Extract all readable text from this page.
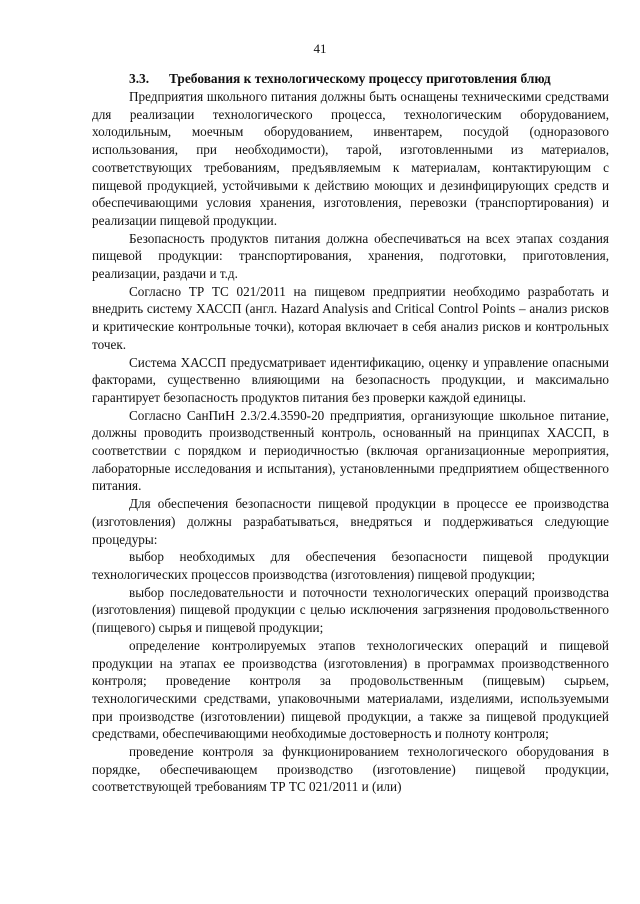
41
3.3. Требования к технологическому процессу приготовления блюд

Предприятия школьного питания должны быть оснащены техническими средствами для реализации технологического процесса, технологическим оборудованием, холодильным, моечным оборудованием, инвентарем, посудой (одноразового использования, при необходимости), тарой, изготовленными из материалов, соответствующих требованиям, предъявляемым к материалам, контактирующим с пищевой продукцией, устойчивыми к действию моющих и дезинфицирующих средств и обеспечивающими условия хранения, изготовления, перевозки (транспортирования) и реализации пищевой продукции.

Безопасность продуктов питания должна обеспечиваться на всех этапах создания пищевой продукции: транспортирования, хранения, подготовки, приготовления, реализации, раздачи и т.д.

Согласно ТР ТС 021/2011 на пищевом предприятии необходимо разработать и внедрить систему ХАССП (англ. Hazard Analysis and Critical Control Points – анализ рисков и критические контрольные точки), которая включает в себя анализ рисков и контрольных точек.

Система ХАССП предусматривает идентификацию, оценку и управление опасными факторами, существенно влияющими на безопасность продукции, и максимально гарантирует безопасность продуктов питания без проверки каждой единицы.

Согласно СанПиН 2.3/2.4.3590-20 предприятия, организующие школьное питание, должны проводить производственный контроль, основанный на принципах ХАССП, в соответствии с порядком и периодичностью (включая организационные мероприятия, лабораторные исследования и испытания), установленными предприятием общественного питания.

Для обеспечения безопасности пищевой продукции в процессе ее производства (изготовления) должны разрабатываться, внедряться и поддерживаться следующие процедуры:

выбор необходимых для обеспечения безопасности пищевой продукции технологических процессов производства (изготовления) пищевой продукции;

выбор последовательности и поточности технологических операций производства (изготовления) пищевой продукции с целью исключения загрязнения продовольственного (пищевого) сырья и пищевой продукции;

определение контролируемых этапов технологических операций и пищевой продукции на этапах ее производства (изготовления) в программах производственного контроля; проведение контроля за продовольственным (пищевым) сырьем, технологическими средствами, упаковочными материалами, изделиями, используемыми при производстве (изготовлении) пищевой продукции, а также за пищевой продукцией средствами, обеспечивающими необходимые достоверность и полноту контроля;

проведение контроля за функционированием технологического оборудования в порядке, обеспечивающем производство (изготовление) пищевой продукции, соответствующей требованиям ТР ТС 021/2011 и (или)
